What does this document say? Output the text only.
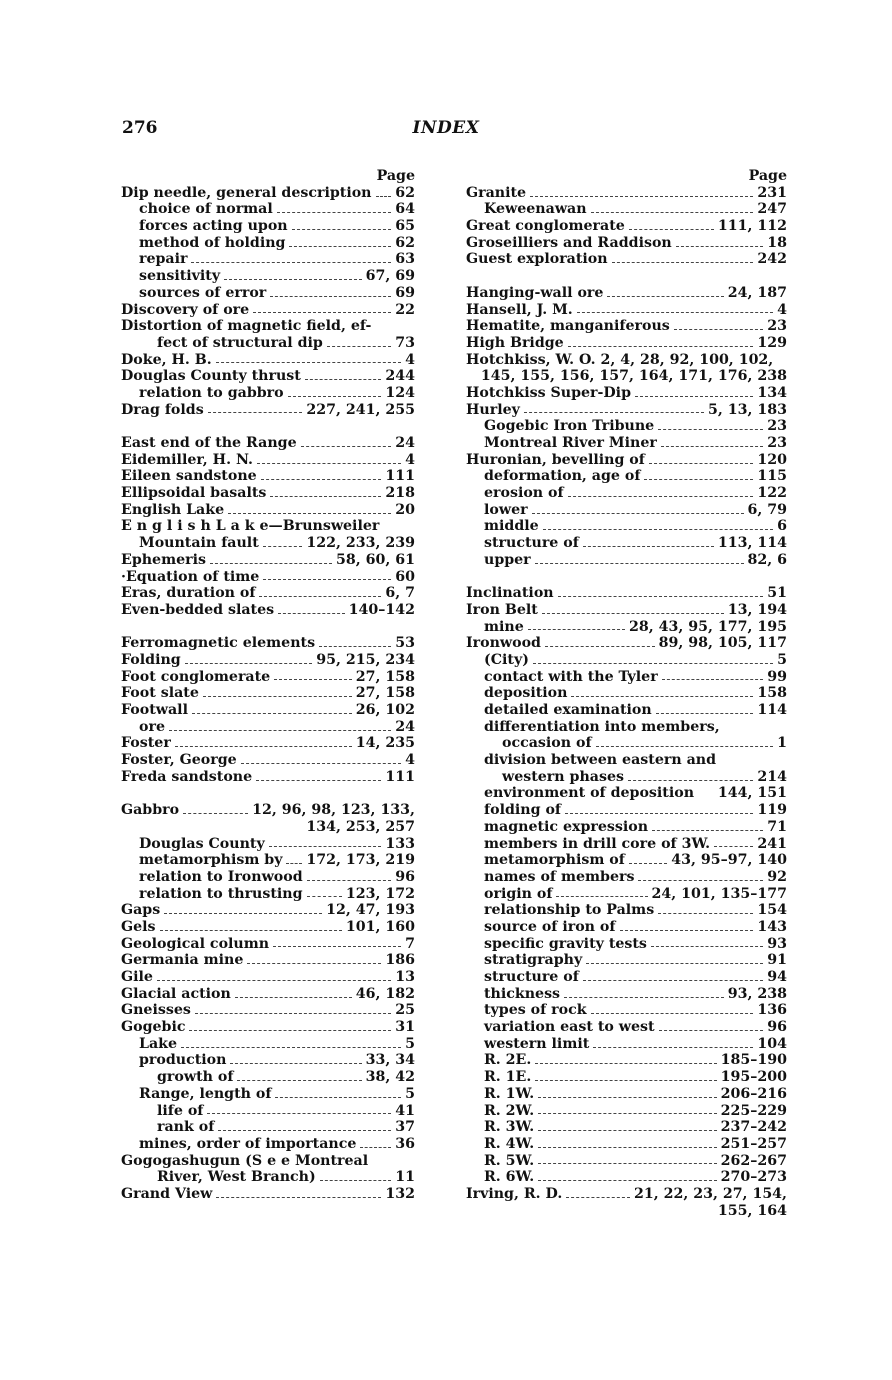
276	INDEX
Page
Dip needle, general description 62
choice of normal	64
forces acting upon	65
method of holding	62
repair	63
sensitivity	67, 69
sources of error	69
Discovery of ore	22
Distortion of magnetic field, ef-
fect of structural dip	73
Doke, H. B.	4
Douglas County thrust	244
relation to gabbro	124
Drag folds	227, 241, 255
East end of the Range	24
Eidemiller, H. N.	4
Eileen sandstone	111
Ellipsoidal basalts	218
English Lake	20
E n g l i s h L a k e—Brunsweiler
Mountain fault	122, 233, 239
Ephemeris	58, 60, 61
·Equation of time	60
Eras, duration of	6, 7
Even-bedded slates	140–142
Ferromagnetic elements	53
Folding	95, 215, 234
Foot conglomerate	27, 158
Foot slate	27, 158
Footwall	26, 102
ore	24
Foster	14, 235
Foster, George	4
Freda sandstone	111
Gabbro	12, 96, 98, 123, 133,
134, 253, 257
Douglas County	133
metamorphism by 172, 173, 219
relation to Ironwood	96
relation to thrusting	123, 172
Gaps	12, 47, 193
Gels	101, 160
Geological column	7
Germania mine	186
Gile	13
Glacial action	46, 182
Gneisses	25
Gogebic	31
Lake	5
production	33, 34
growth of	38, 42
Range, length of	5
life of	41
rank of	37
mines, order of importance	36
Gogogashugun (S e e Montreal
River, West Branch)	11
Grand View	132
Page
Granite	231
Keweenawan	247
Great conglomerate	111, 112
Groseilliers and Raddison	18
Guest exploration	242
Hanging-wall ore	24, 187
Hansell, J. M.	4
Hematite, manganiferous	23
High Bridge	129
Hotchkiss, W. O. 2, 4, 28, 92, 100, 102,
145, 155, 156, 157, 164, 171, 176, 238
Hotchkiss Super-Dip	134
Hurley	5, 13, 183
Gogebic Iron Tribune	23
Montreal River Miner	23
Huronian, bevelling of	120
deformation, age of	115
erosion of	122
lower	6, 79
middle	6
structure of	113, 114
upper	82, 6
Inclination	51
Iron Belt	13, 194
mine	28, 43, 95, 177, 195
Ironwood	89, 98, 105, 117
(City)	5
contact with the Tyler	99
deposition	158
detailed examination	114
differentiation into members,
occasion of	1
division between eastern and
western phases	214
environment of deposition 144, 151
folding of	119
magnetic expression	71
members in drill core of 3W.	241
metamorphism of	43, 95–97, 140
names of members	92
origin of	24, 101, 135–177
relationship to Palms	154
source of iron of	143
specific gravity tests	93
stratigraphy	91
structure of	94
thickness	93, 238
types of rock	136
variation east to west	96
western limit	104
R. 2E.	185–190
R. 1E.	195–200
R. 1W.	206–216
R. 2W.	225–229
R. 3W.	237–242
R. 4W.	251–257
R. 5W.	262–267
R. 6W.	270–273
Irving, R. D.	21, 22, 23, 27, 154,
155, 164
